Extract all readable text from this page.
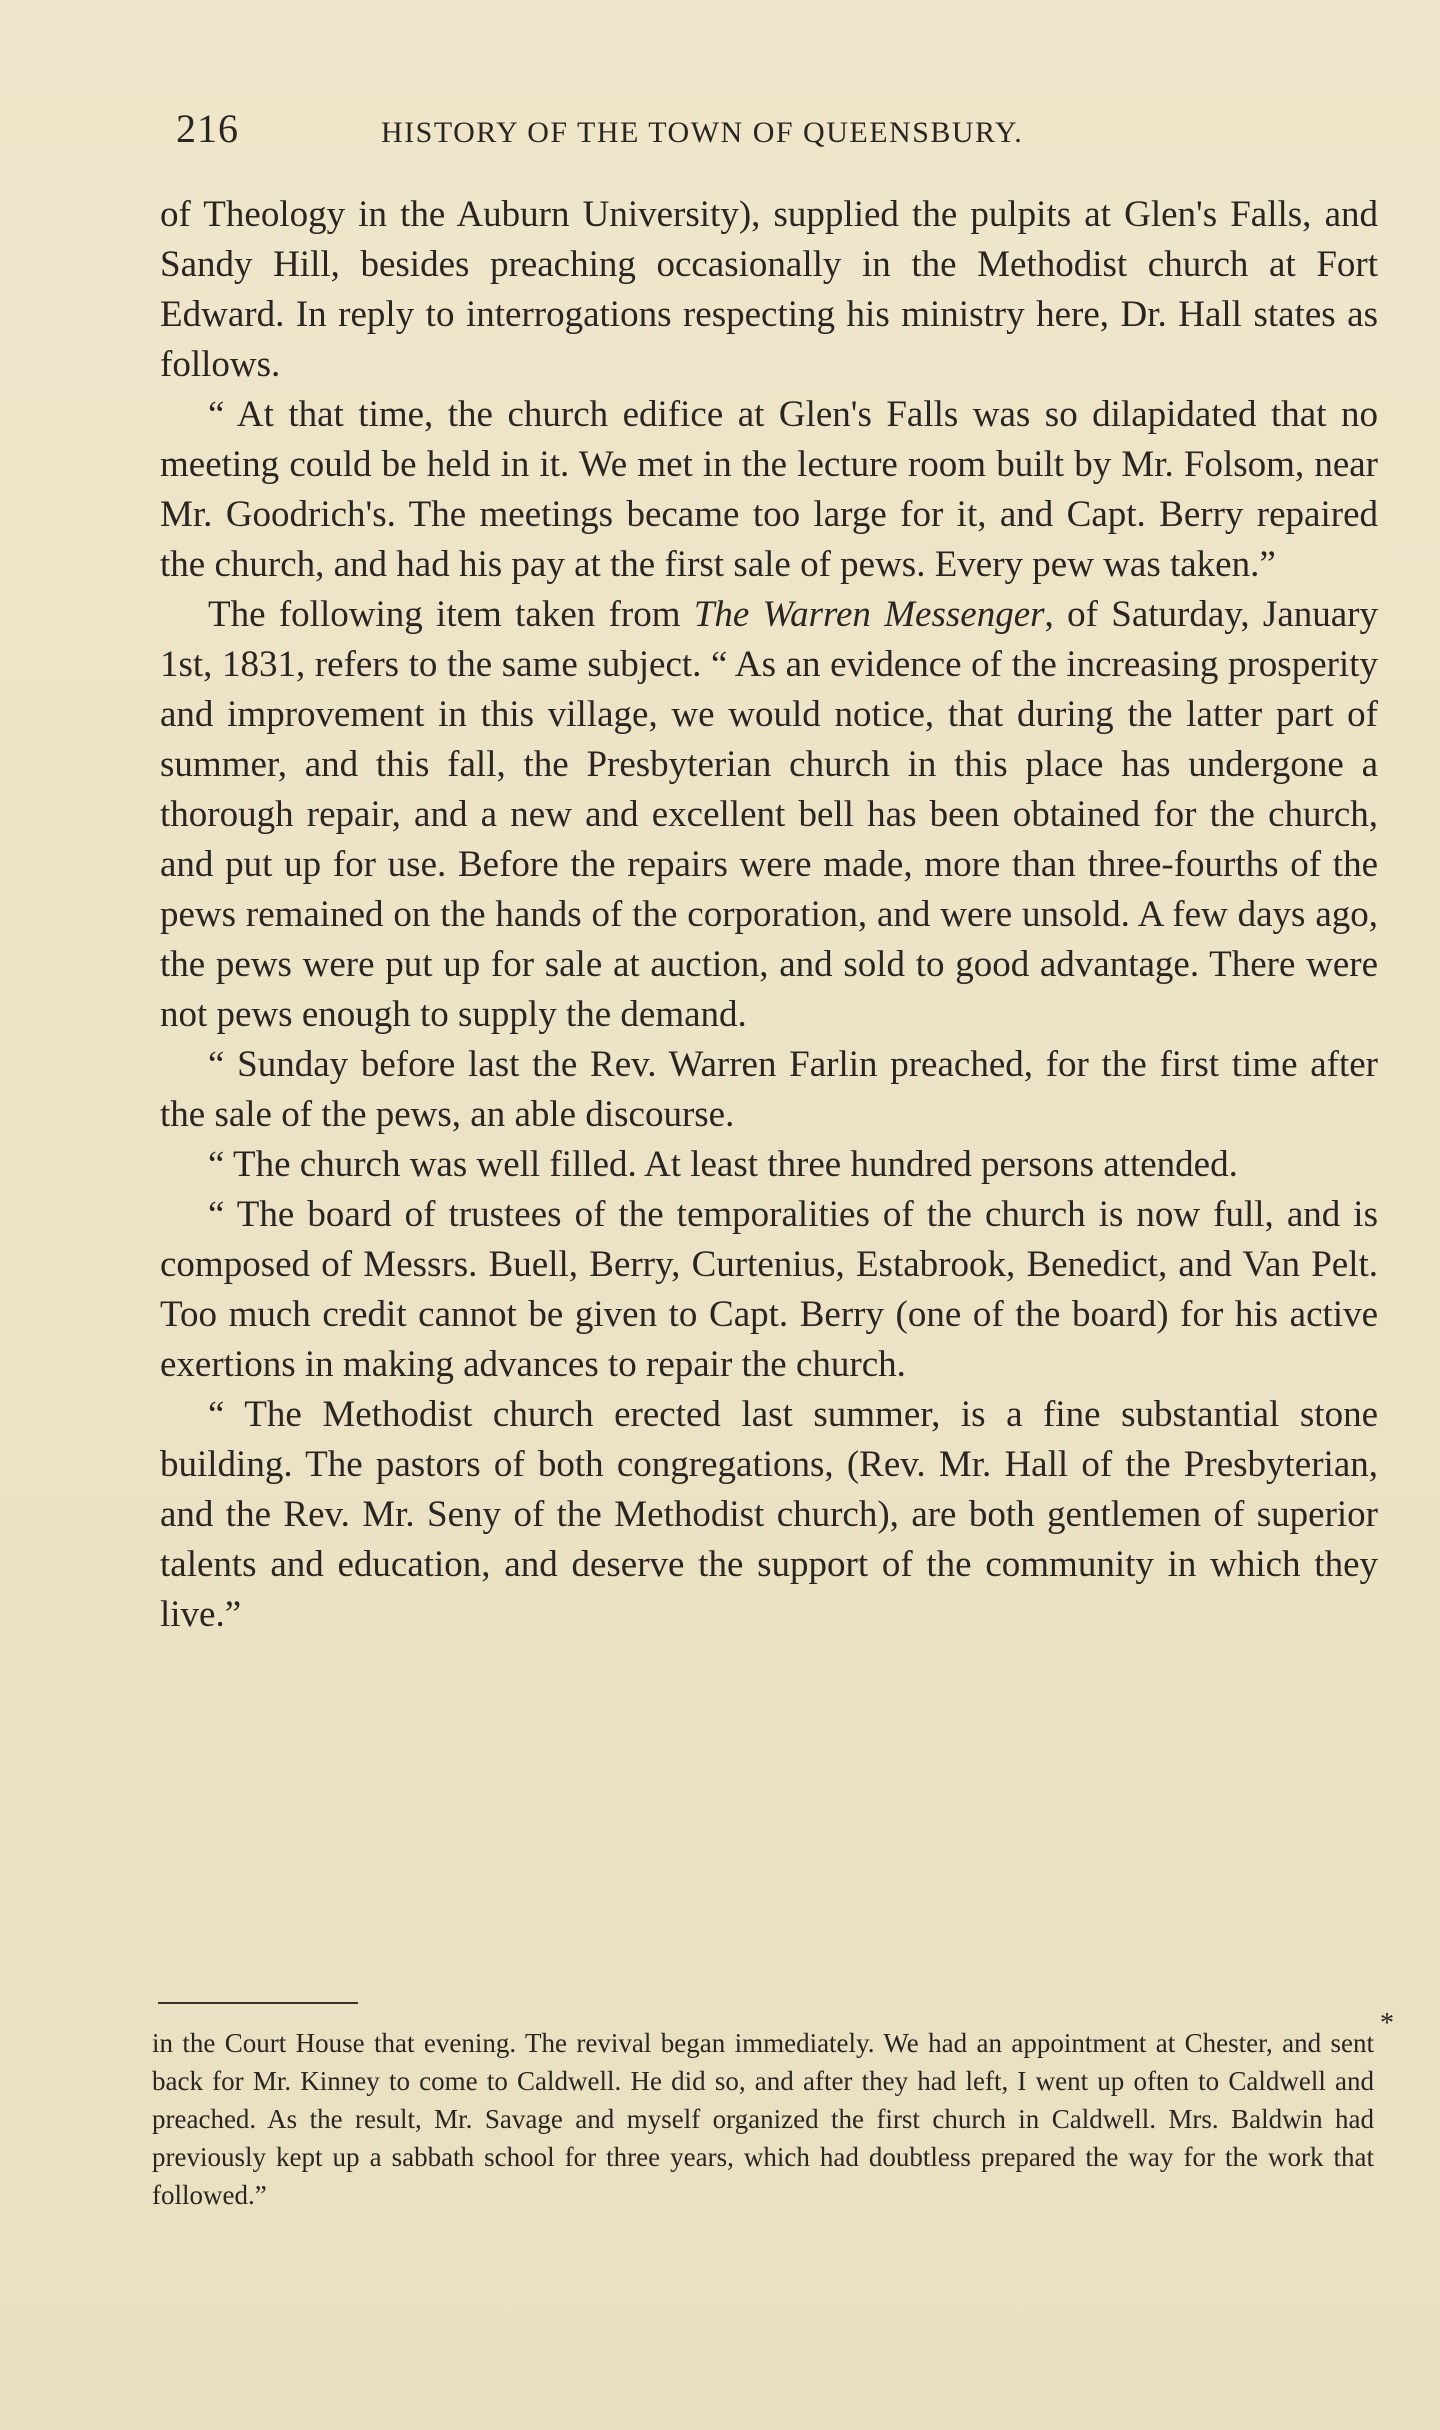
216	HISTORY OF THE TOWN OF QUEENSBURY.

of Theology in the Auburn University), supplied the pulpits at Glen's Falls, and Sandy Hill, besides preaching occasionally in the Methodist church at Fort Edward. In reply to interrogations respecting his ministry here, Dr. Hall states as follows.

“ At that time, the church edifice at Glen's Falls was so dilapidated that no meeting could be held in it. We met in the lecture room built by Mr. Folsom, near Mr. Goodrich's. The meetings became too large for it, and Capt. Berry repaired the church, and had his pay at the first sale of pews. Every pew was taken.”

The following item taken from The Warren Messenger, of Saturday, January 1st, 1831, refers to the same subject. “ As an evidence of the increasing prosperity and improvement in this village, we would notice, that during the latter part of summer, and this fall, the Presbyterian church in this place has undergone a thorough repair, and a new and excellent bell has been obtained for the church, and put up for use. Before the repairs were made, more than three-fourths of the pews remained on the hands of the corporation, and were unsold. A few days ago, the pews were put up for sale at auction, and sold to good advantage. There were not pews enough to supply the demand.

“ Sunday before last the Rev. Warren Farlin preached, for the first time after the sale of the pews, an able discourse.

“ The church was well filled. At least three hundred persons attended.

“ The board of trustees of the temporalities of the church is now full, and is composed of Messrs. Buell, Berry, Curtenius, Estabrook, Benedict, and Van Pelt. Too much credit cannot be given to Capt. Berry (one of the board) for his active exertions in making advances to repair the church.

“ The Methodist church erected last summer, is a fine substantial stone building. The pastors of both congregations, (Rev. Mr. Hall of the Presbyterian, and the Rev. Mr. Seny of the Methodist church), are both gentlemen of superior talents and education, and deserve the support of the community in which they live.”

*

in the Court House that evening. The revival began immediately. We had an appointment at Chester, and sent back for Mr. Kinney to come to Caldwell. He did so, and after they had left, I went up often to Caldwell and preached. As the result, Mr. Savage and myself organized the first church in Caldwell. Mrs. Baldwin had previously kept up a sabbath school for three years, which had doubtless prepared the way for the work that followed.”
